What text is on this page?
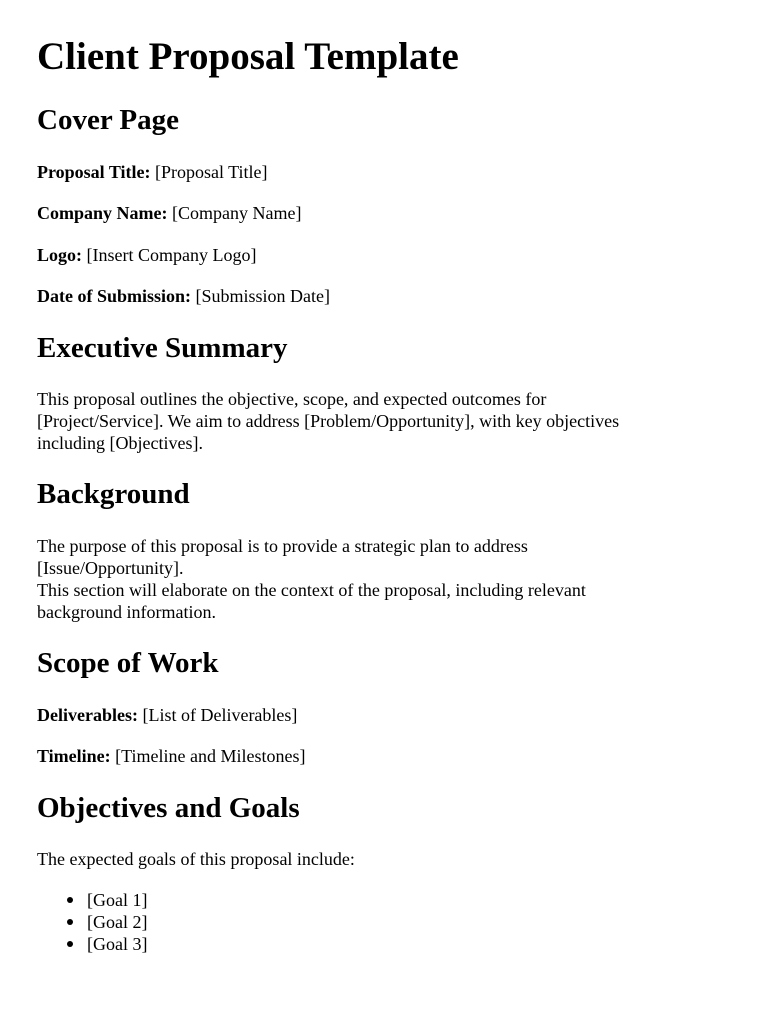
Client Proposal Template
Cover Page

Proposal Title: [Proposal Title]

Company Name: [Company Name]

Logo: [Insert Company Logo]

Date of Submission: [Submission Date]

Executive Summary

This proposal outlines the objective, scope, and expected outcomes for
[Project/Service]. We aim to address [Problem/Opportunity], with key objectives
including [Objectives].

Background

The purpose of this proposal is to provide a strategic plan to address
[Issue/Opportunity].
This section will elaborate on the context of the proposal, including relevant
background information.

Scope of Work

Deliverables: [List of Deliverables]

Timeline: [Timeline and Milestones]

Objectives and Goals

The expected goals of this proposal include:

[Goal 1]
[Goal 2]
[Goal 3]
